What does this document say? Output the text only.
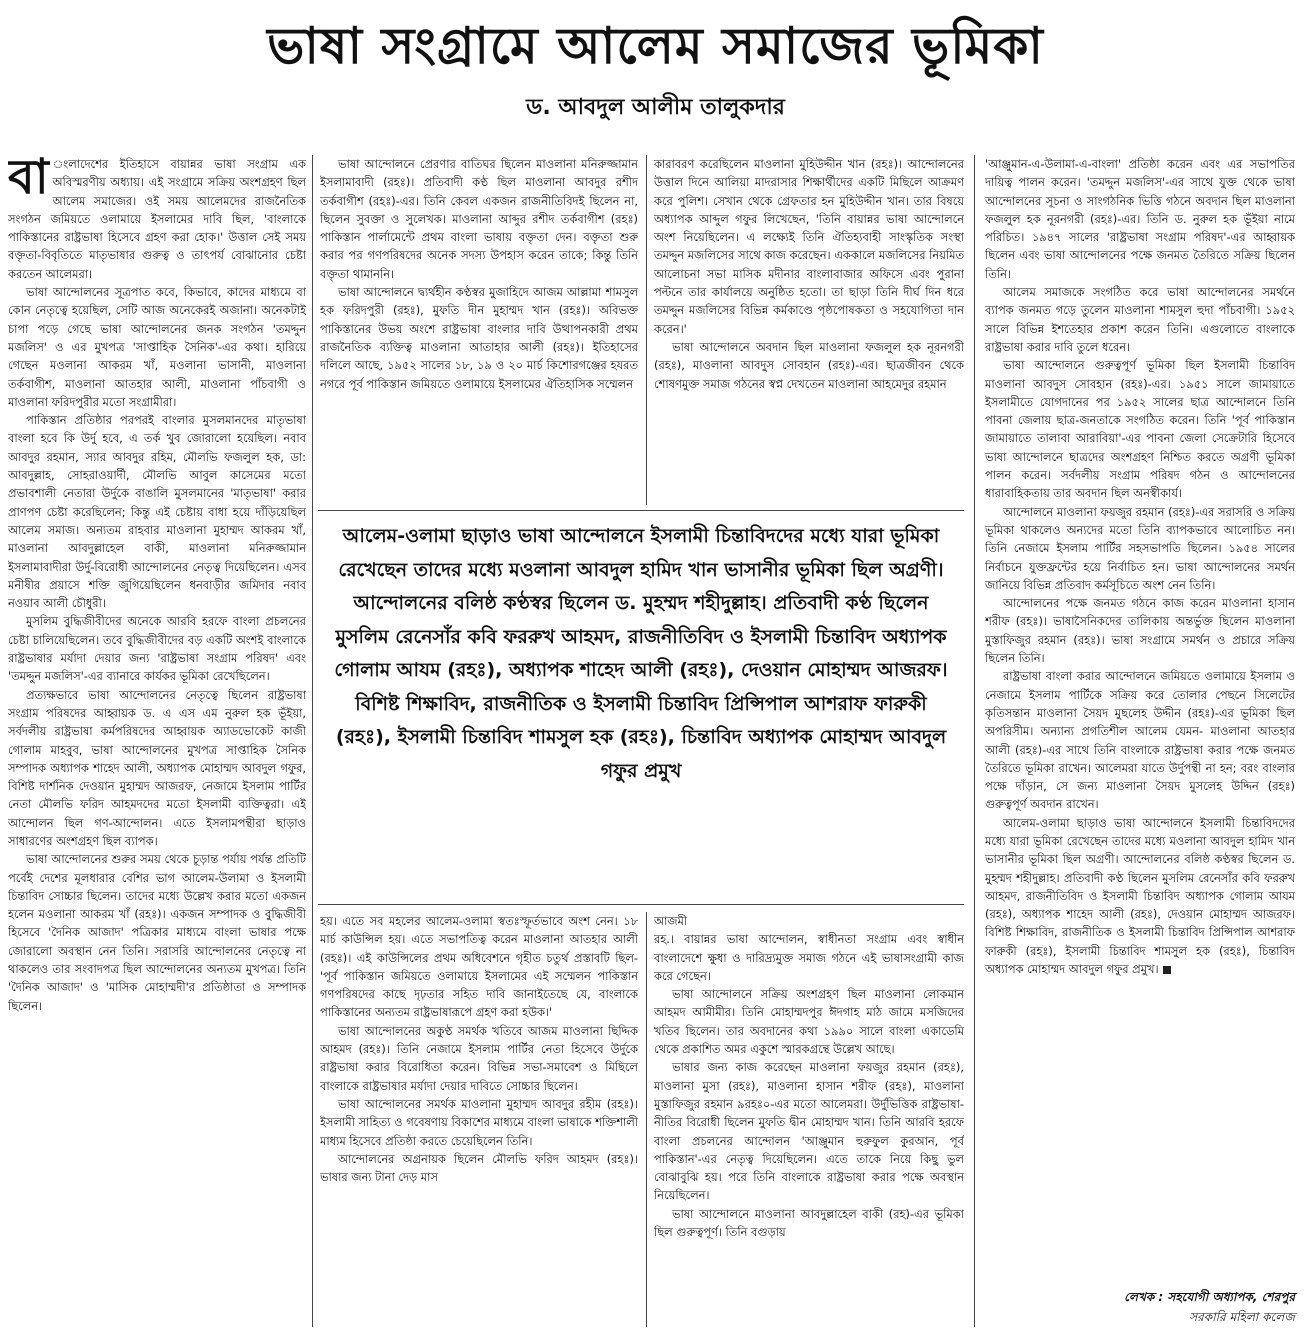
ভাষা সংগ্রামে আলেম সমাজের ভূমিকা
ড. আবদুল আলীম তালুকদার

বা ংলাদেশের ইতিহাসে বায়ান্নর ভাষা সংগ্রাম এক অবিস্মরণীয় অধ্যায়। এই সংগ্রামে সক্রিয় অংশগ্রহণ ছিল আলেম সমাজের। ওই সময় আলেমদের রাজনৈতিক সংগঠন জমিয়তে ওলামায়ে ইসলামের দাবি ছিল, 'বাংলাকে পাকিস্তানের রাষ্ট্রভাষা হিসেবে গ্রহণ করা হোক।' উত্তাল সেই সময় বক্তৃতা-বিবৃতিতে মাতৃভাষার গুরুত্ব ও তাৎপর্য বোঝানোর চেষ্টা করতেন আলেমরা।

ভাষা আন্দোলনের সূত্রপাত কবে, কিভাবে, কাদের মাধ্যমে বা কোন নেতৃত্বে হয়েছিল, সেটি আজ অনেকেরই অজানা। অনেকটাই চাপা পড়ে গেছে ভাষা আন্দোলনের জনক সংগঠন 'তমদ্দুন মজলিস' ও এর মুখপত্র 'সাপ্তাহিক সৈনিক'-এর কথা। হারিয়ে গেছেন মওলানা আকরম খাঁ, মওলানা ভাসানী, মাওলানা তর্কবাগীশ, মাওলানা আতহার আলী, মাওলানা পাঁচবাগী ও মাওলানা ফরিদপুরীর মতো সংগ্রামীরা।

পাকিস্তান প্রতিষ্ঠার পরপরই বাংলার মুসলমানদের মাতৃভাষা বাংলা হবে কি উর্দু হবে, এ তর্ক খুব জোরালো হয়েছিল। নবাব আবদুর রহমান, স্যার আবদুর রহিম, মৌলভি ফজলুল হক, ডা: আবদুল্লাহ, সোহরাওয়ার্দী, মৌলভি আবুল কাসেমের মতো প্রভাবশালী নেতারা উর্দুকে বাঙালি মুসলমানের 'মাতৃভাষা' করার প্রাণপণ চেষ্টা করেছিলেন; কিন্তু এই চেষ্টায় বাধা হয়ে দাঁড়িয়েছিল আলেম সমাজ। অন্যতম রাহবার মাওলানা মুহাম্মদ আকরম খাঁ, মাওলানা আবদুল্লাহেল বাকী, মাওলানা মনিরুজ্জামান ইসলামাবাদীরা উর্দু-বিরোধী আন্দোলনের নেতৃত্ব দিয়েছিলেন। এসব মনীষীর প্রয়াসে শক্তি জুগিয়েছিলেন ধনবাড়ীর জমিদার নবাব নওয়াব আলী চৌধুরী।

মুসলিম বুদ্ধিজীবীদের অনেকে আরবি হরফে বাংলা প্রচলনের চেষ্টা চালিয়েছিলেন। তবে বুদ্ধিজীবীদের বড় একটি অংশই বাংলাকে রাষ্ট্রভাষার মর্যাদা দেয়ার জন্য 'রাষ্ট্রভাষা সংগ্রাম পরিষদ' এবং 'তমদ্দুন মজলিস'-এর ব্যানারে কার্যকর ভূমিকা রেখেছিলেন।

প্রত্যক্ষভাবে ভাষা আন্দোলনের নেতৃত্বে ছিলেন রাষ্ট্রভাষা সংগ্রাম পরিষদের আহ্বায়ক ড. এ এস এম নুরুল হক ভূঁইয়া, সর্বদলীয় রাষ্ট্রভাষা কর্মপরিষদের আহ্বায়ক অ্যাডভোকেট কাজী গোলাম মাহবুব, ভাষা আন্দোলনের মুখপত্র সাপ্তাহিক সৈনিক সম্পাদক অধ্যাপক শাহেদ আলী, অধ্যাপক মোহাম্মদ আবদুল গফুর, বিশিষ্ট দার্শনিক দেওয়ান মুহাম্মদ আজরফ, নেজামে ইসলাম পার্টির নেতা মৌলভি ফরিদ আহমদদের মতো ইসলামী ব্যক্তিত্বরা। এই আন্দোলন ছিল গণ-আন্দোলন। এতে ইসলামপন্থীরা ছাড়াও সাধারণের অংশগ্রহণ ছিল ব্যাপক।

ভাষা আন্দোলনের শুরুর সময় থেকে চূড়ান্ত পর্যায় পর্যন্ত প্রতিটি পর্বেই দেশের মূলধারার বেশির ভাগ আলেম-উলামা ও ইসলামী চিন্তাবিদ সোচ্চার ছিলেন। তাদের মধ্যে উল্লেখ করার মতো একজন হলেন মওলানা আকরম খাঁ (রহঃ)। একজন সম্পাদক ও বুদ্ধিজীবী হিসেবে 'দৈনিক আজাদ' পত্রিকার মাধ্যমে বাংলা ভাষার পক্ষে জোরালো অবস্থান নেন তিনি। সরাসরি আন্দোলনের নেতৃত্বে না থাকলেও তার সংবাদপত্র ছিল আন্দোলনের অন্যতম মুখপত্র। তিনি 'দৈনিক আজাদ' ও 'মাসিক মোহাম্মদী'র প্রতিষ্ঠাতা ও সম্পাদক ছিলেন।

ভাষা আন্দোলনে প্রেরণার বাতিঘর ছিলেন মাওলানা মনিরুজ্জামান ইসলামাবাদী (রহঃ)। প্রতিবাদী কণ্ঠ ছিল মাওলানা আবদুর রশীদ তর্কবাগীশ (রহঃ)-এর। তিনি কেবল একজন রাজনীতিবিদই ছিলেন না, ছিলেন সুবক্তা ও সুলেখক। মাওলানা আব্দুর রশীদ তর্কবাগীশ (রহঃ) পাকিস্তান পার্লামেন্টে প্রথম বাংলা ভাষায় বক্তৃতা দেন। বক্তৃতা শুরু করার পর গণপরিষদের অনেক সদস্য উপহাস করেন তাকে; কিন্তু তিনি বক্তৃতা থামাননি।

ভাষা আন্দোলনে দ্ব্যর্থহীন কণ্ঠস্বর মুজাহিদে আজম আল্লামা শামসুল হক ফরিদপুরী (রহঃ), মুফতি দীন মুহাম্মদ খান (রহঃ)। অবিভক্ত পাকিস্তানের উভয় অংশে রাষ্ট্রভাষা বাংলার দাবি উত্থাপনকারী প্রথম রাজনৈতিক ব্যক্তিত্ব মাওলানা আতাহার আলী (রহঃ)। ইতিহাসের দলিলে আছে, ১৯৫২ সালের ১৮, ১৯ ও ২০ মার্চ কিশোরগঞ্জের হযরত নগরে পূর্ব পাকিস্তান জমিয়তে ওলামায়ে ইসলামের ঐতিহাসিক সম্মেলন

কারাবরণ করেছিলেন মাওলানা মুহিউদ্দীন খান (রহঃ)। আন্দোলনের উত্তাল দিনে আলিয়া মাদরাসার শিক্ষার্থীদের একটি মিছিলে আক্রমণ করে পুলিশ। সেখান থেকে গ্রেফতার হন মুহিউদ্দীন খান। তার বিষয়ে অধ্যাপক আব্দুল গফুর লিখেছেন, 'তিনি বায়ান্নর ভাষা আন্দোলনে অংশ নিয়েছিলেন। এ লক্ষ্যেই তিনি ঐতিহ্যবাহী সাংস্কৃতিক সংস্থা তমদ্দুন মজলিসের সাথে কাজ করেছেন। এককালে মজলিসের নিয়মিত আলোচনা সভা মাসিক মদীনার বাংলাবাজার অফিসে এবং পুরানা পল্টনে তার কার্যালয়ে অনুষ্ঠিত হতো। তা ছাড়া তিনি দীর্ঘ দিন ধরে তমদ্দুন মজলিসের বিভিন্ন কর্মকাণ্ডে পৃষ্ঠপোষকতা ও সহযোগিতা দান করেন।'

ভাষা আন্দোলনে অবদান ছিল মাওলানা ফজলুল হক নূরনগরী (রহঃ), মাওলানা আবদুস সোবহান (রহঃ)-এর। ছাত্রজীবন থেকে শোষণমুক্ত সমাজ গঠনের স্বপ্ন দেখতেন মাওলানা আহমেদুর রহমান

'আঞ্জুমান-এ-উলামা-এ-বাংলা' প্রতিষ্ঠা করেন এবং এর সভাপতির দায়িত্ব পালন করেন। 'তমদ্দুন মজলিস'-এর সাথে যুক্ত থেকে ভাষা আন্দোলনের সূচনা ও সাংগঠনিক ভিত্তি গঠনে অবদান ছিল মাওলানা ফজলুল হক নূরনগরী (রহঃ)-এর। তিনি ড. নুরুল হক ভূঁইয়া নামে পরিচিত। ১৯৪৭ সালের 'রাষ্ট্রভাষা সংগ্রাম পরিষদ'-এর আহ্বায়ক ছিলেন এবং ভাষা আন্দোলনের পক্ষে জনমত তৈরিতে সক্রিয় ছিলেন তিনি।

আলেম সমাজকে সংগঠিত করে ভাষা আন্দোলনের সমর্থনে ব্যাপক জনমত গড়ে তুলেন মাওলানা শামসুল হুদা পাঁচবাগী। ১৯৫২ সালে বিভিন্ন ইশতেহার প্রকাশ করেন তিনি। এগুলোতে বাংলাকে রাষ্ট্রভাষা করার দাবি তুলে ধরেন।

ভাষা আন্দোলনে গুরুত্বপূর্ণ ভূমিকা ছিল ইসলামী চিন্তাবিদ মাওলানা আবদুস সোবহান (রহঃ)-এর। ১৯৫১ সালে জামায়াতে ইসলামীতে যোগদানের পর ১৯৫২ সালের ছাত্র আন্দোলনে তিনি পাবনা জেলায় ছাত্র-জনতাকে সংগঠিত করেন। তিনি 'পূর্ব পাকিস্তান জামায়াতে তালাবা আরাবিয়া'-এর পাবনা জেলা সেক্রেটারি হিসেবে ভাষা আন্দোলনে ছাত্রদের অংশগ্রহণ নিশ্চিত করতে অগ্রণী ভূমিকা পালন করেন। সর্বদলীয় সংগ্রাম পরিষদ গঠন ও আন্দোলনের ধারাবাহিকতায় তার অবদান ছিল অনস্বীকার্য।

আন্দোলনে মাওলানা ফয়জুর রহমান (রহঃ)-এর সরাসরি ও সক্রিয় ভূমিকা থাকলেও অন্যদের মতো তিনি ব্যাপকভাবে আলোচিত নন। তিনি নেজামে ইসলাম পার্টির সহসভাপতি ছিলেন। ১৯৫৪ সালের নির্বাচনে যুক্তফ্রন্টের হয়ে নির্বাচিত হন। ভাষা আন্দোলনের সমর্থন জানিয়ে বিভিন্ন প্রতিবাদ কর্মসূচিতে অংশ নেন তিনি।

আন্দোলনের পক্ষে জনমত গঠনে কাজ করেন মাওলানা হাসান শরীফ (রহঃ)। ভাষাসৈনিকদের তালিকায় অন্তর্ভুক্ত ছিলেন মাওলানা মুস্তাফিজুর রহমান (রহঃ)। ভাষা সংগ্রামে সমর্থন ও প্রচারে সক্রিয় ছিলেন তিনি।

রাষ্ট্রভাষা বাংলা করার আন্দোলনে জমিয়তে ওলামায়ে ইসলাম ও নেজামে ইসলাম পার্টিকে সক্রিয় করে তোলার পেছনে সিলেটের কৃতিসন্তান মাওলানা সৈয়দ মুছলেহ উদ্দীন (রহঃ)-এর ভূমিকা ছিল অপরিসীম। অন্যান্য প্রগতিশীল আলেম যেমন- মাওলানা আতহার আলী (রহঃ)-এর সাথে তিনি বাংলাকে রাষ্ট্রভাষা করার পক্ষে জনমত তৈরিতে ভূমিকা রাখেন। আলেমরা যাতে উর্দুপন্থী না হন; বরং বাংলার পক্ষে দাঁড়ান, সে জন্য মাওলানা সৈয়দ মুসলেহ উদ্দিন (রহঃ) গুরুত্বপূর্ণ অবদান রাখেন।

আলেম-ওলামা ছাড়াও ভাষা আন্দোলনে ইসলামী চিন্তাবিদদের মধ্যে যারা ভূমিকা রেখেছেন তাদের মধ্যে মওলানা আবদুল হামিদ খান ভাসানীর ভূমিকা ছিল অগ্রণী। আন্দোলনের বলিষ্ঠ কণ্ঠস্বর ছিলেন ড. মুহম্মদ শহীদুল্লাহ। প্রতিবাদী কণ্ঠ ছিলেন মুসলিম রেনেসাঁর কবি ফররুখ আহমদ, রাজনীতিবিদ ও ইসলামী চিন্তাবিদ অধ্যাপক গোলাম আযম (রহঃ), অধ্যাপক শাহেদ আলী (রহঃ), দেওয়ান মোহাম্মদ আজরফ। বিশিষ্ট শিক্ষাবিদ, রাজনীতিক ও ইসলামী চিন্তাবিদ প্রিন্সিপাল আশরাফ ফারুকী (রহঃ), ইসলামী চিন্তাবিদ শামসুল হক (রহঃ), চিন্তাবিদ অধ্যাপক মোহাম্মদ আবদুল গফুর প্রমুখ।

আলেম-ওলামা ছাড়াও ভাষা আন্দোলনে ইসলামী চিন্তাবিদদের মধ্যে যারা ভূমিকা রেখেছেন তাদের মধ্যে মওলানা আবদুল হামিদ খান ভাসানীর ভূমিকা ছিল অগ্রণী। আন্দোলনের বলিষ্ঠ কণ্ঠস্বর ছিলেন ড. মুহম্মদ শহীদুল্লাহ। প্রতিবাদী কণ্ঠ ছিলেন মুসলিম রেনেসাঁর কবি ফররুখ আহমদ, রাজনীতিবিদ ও ইসলামী চিন্তাবিদ অধ্যাপক গোলাম আযম (রহঃ), অধ্যাপক শাহেদ আলী (রহঃ), দেওয়ান মোহাম্মদ আজরফ। বিশিষ্ট শিক্ষাবিদ, রাজনীতিক ও ইসলামী চিন্তাবিদ প্রিন্সিপাল আশরাফ ফারুকী (রহঃ), ইসলামী চিন্তাবিদ শামসুল হক (রহঃ), চিন্তাবিদ অধ্যাপক মোহাম্মদ আবদুল গফুর প্রমুখ

হয়। এতে সব মহলের আলেম-ওলামা স্বতঃস্ফূর্তভাবে অংশ নেন। ১৮ মার্চ কাউন্সিল হয়। এতে সভাপতিত্ব করেন মাওলানা আতহার আলী (রহঃ)। এই কাউন্সিলের প্রথম অধিবেশনে গৃহীত চতুর্থ প্রস্তাবটি ছিল- 'পূর্ব পাকিস্তান জমিয়তে ওলামায়ে ইসলামের এই সম্মেলন পাকিস্তান গণপরিষদের কাছে দৃঢ়তার সহিত দাবি জানাইতেছে যে, বাংলাকে পাকিস্তানের অন্যতম রাষ্ট্রভাষারূপে গ্রহণ করা হউক।'

ভাষা আন্দোলনের অকুণ্ঠ সমর্থক খতিবে আজম মাওলানা ছিদ্দিক আহমদ (রহঃ)। তিনি নেজামে ইসলাম পার্টির নেতা হিসেবে উর্দুকে রাষ্ট্রভাষা করার বিরোধিতা করেন। বিভিন্ন সভা-সমাবেশ ও মিছিলে বাংলাকে রাষ্ট্রভাষার মর্যাদা দেয়ার দাবিতে সোচ্চার ছিলেন।

ভাষা আন্দোলনের সমর্থক মাওলানা মুহাম্মদ আবদুর রহীম (রহঃ)। ইসলামী সাহিত্য ও গবেষণায় বিকাশের মাধ্যমে বাংলা ভাষাকে শক্তিশালী মাধ্যম হিসেবে প্রতিষ্ঠা করতে চেয়েছিলেন তিনি।

আন্দোলনের অগ্রনায়ক ছিলেন মৌলভি ফরিদ আহমদ (রহঃ)। ভাষার জন্য টানা দেড় মাস

আজমী

রহ.। বায়ান্নর ভাষা আন্দোলন, স্বাধীনতা সংগ্রাম এবং স্বাধীন বাংলাদেশে ক্ষুধা ও দারিদ্র্যমুক্ত সমাজ গঠনে এই ভাষাসংগ্রামী কাজ করে গেছেন।

ভাষা আন্দোলনে সক্রিয় অংশগ্রহণ ছিল মাওলানা লোকমান আহমদ আমীমীর। তিনি মোহাম্মদপুর ঈদগাহ মাঠ জামে মসজিদের খতিব ছিলেন। তার অবদানের কথা ১৯৯০ সালে বাংলা একাডেমি থেকে প্রকাশিত অমর একুশে স্মারকগ্রন্থে উল্লেখ আছে।

ভাষার জন্য কাজ করেছেন মাওলানা ফয়জুর রহমান (রহঃ), মাওলানা মুসা (রহঃ), মাওলানা হাসান শরীফ (রহঃ), মাওলানা মুস্তাফিজুর রহমান ৯রহঃ০-এর মতো আলেমরা। উর্দুভিত্তিক রাষ্ট্রভাষা-নীতির বিরোধী ছিলেন মুফতি দ্বীন মোহাম্মদ খান। তিনি আরবি হরফে বাংলা প্রচলনের আন্দোলন 'আঞ্জুমান হুরুফুল কুরআন, পূর্ব পাকিস্তান'-এর নেতৃত্ব দিয়েছিলেন। এতে তাকে নিয়ে কিছু ভুল বোঝাবুঝি হয়। পরে তিনি বাংলাকে রাষ্ট্রভাষা করার পক্ষে অবস্থান নিয়েছিলেন।

ভাষা আন্দোলনে মাওলানা আবদুল্লাহেল বাকী (রহ)-এর ভূমিকা ছিল গুরুত্বপূর্ণ। তিনি বগুড়ায়

লেখক : সহযোগী অধ্যাপক, শেরপুর
সরকারি মহিলা কলেজ
